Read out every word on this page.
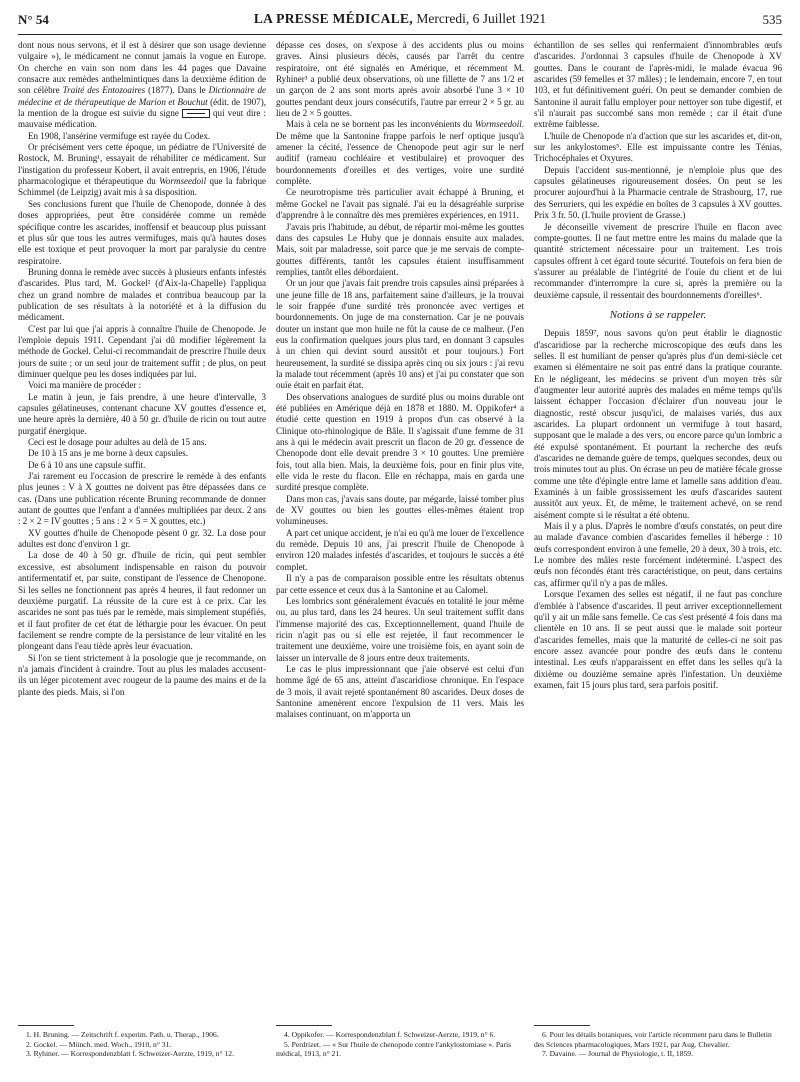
N° 54	LA PRESSE MÉDICALE, Mercredi, 6 Juillet 1921	535

dont nous nous servons, et il est à désirer que son usage devienne vulgaire »), le médicament ne connut jamais la vogue en Europe. On cherche en vain son nom dans les 44 pages que Davaine consacre aux remèdes anthelmintiques dans la deuxième édition de son célèbre Traité des Entozoaires (1877). Dans le Dictionnaire de médecine et de thérapeutique de Marion et Bouchut (édit. de 1907), la mention de la drogue est suivie du signe	qui veut dire : mauvaise médication.

En 1908, l'ansérine vermifuge est rayée du Codex.

Or précisément vers cette époque, un pédiatre de l'Université de Rostock, M. Bruning¹, essayait de réhabiliter ce médicament. Sur l'instigation du professeur Kobert, il avait entrepris, en 1906, l'étude pharmacologique et thérapeutique du Wormseedoil que la fabrique Schimmel (de Leipzig) avait mis à sa disposition.

Ses conclusions furent que l'huile de Chenopode, donnée à des doses appropriées, peut être considérée comme un remède spécifique contre les ascarides, inoffensif et beaucoup plus puissant et plus sûr que tous les autres vermifuges, mais qu'à hautes doses elle est toxique et peut provoquer la mort par paralysie du centre respiratoire.

Bruning donna le remède avec succès à plusieurs enfants infestés d'ascarides. Plus tard, M. Gockel² (d'Aix-la-Chapelle) l'appliqua chez un grand nombre de malades et contribua beaucoup par la publication de ses résultats à la notoriété et à la diffusion du médicament.

C'est par lui que j'ai appris à connaître l'huile de Chenopode. Je l'emploie depuis 1911. Cependant j'ai dû modifier légèrement la méthode de Gockel. Celui-ci recommandait de prescrire l'huile deux jours de suite ; or un seul jour de traitement suffit ; de plus, on peut diminuer quelque peu les doses indiquées par lui.

Voici ma manière de procéder :

Le matin à jeun, je fais prendre, à une heure d'intervalle, 3 capsules gélatineuses, contenant chacune XV gouttes d'essence et, une heure après la dernière, 40 à 50 gr. d'huile de ricin ou tout autre purgatif énergique.

Ceci est le dosage pour adultes au delà de 15 ans.

De 10 à 15 ans je me borne à deux capsules.

De 6 à 10 ans une capsule suffit.

J'ai rarement eu l'occasion de prescrire le remède à des enfants plus jeunes : V à X gouttes ne doivent pas être dépassées dans ce cas. (Dans une publication récente Bruning recommande de donner autant de gouttes que l'enfant a d'années multipliées par deux. 2 ans : 2 × 2 = IV gouttes ; 5 ans : 2 × 5 = X gouttes, etc.)

XV gouttes d'huile de Chenopode pèsent 0 gr. 32. La dose pour adultes est donc d'environ 1 gr.

La dose de 40 à 50 gr. d'huile de ricin, qui peut sembler excessive, est absolument indispensable en raison du pouvoir antifermentatif et, par suite, constipant de l'essence de Chenopone. Si les selles ne fonctionnent pas après 4 heures, il faut redonner un deuxième purgatif. La réussite de la cure est à ce prix. Car les ascarides ne sont pas tués par le remède, mais simplement stupéfiés, et il faut profiter de cet état de léthargie pour les évacuer. On peut facilement se rendre compte de la persistance de leur vitalité en les plongeant dans l'eau tiède après leur évacuation.

Si l'on se tient strictement à la posologie que je recommande, on n'a jamais d'incident à craindre. Tout au plus les malades accusent-ils un léger picotement avec rougeur de la paume des mains et de la plante des pieds. Mais, si l'on

dépasse ces doses, on s'expose à des accidents plus ou moins graves. Ainsi plusieurs décès, causés par l'arrêt du centre respiratoire, ont été signalés en Amérique, et récemment M. Ryhiner³ a publié deux observations, où une fillette de 7 ans 1/2 et un garçon de 2 ans sont morts après avoir absorbé l'une 3 × 10 gouttes pendant deux jours consécutifs, l'autre par erreur 2 × 5 gr. au lieu de 2 × 5 gouttes.

Mais à cela ne se bornent pas les inconvénients du Wormseedoil. De même que la Santonine frappe parfois le nerf optique jusqu'à amener la cécité, l'essence de Chenopode peut agir sur le nerf auditif (rameau cochléaire et vestibulaire) et provoquer des bourdonnements d'oreilles et des vertiges, voire une surdité complète.

Ce neurotropisme très particulier avait échappé à Bruning, et même Gockel ne l'avait pas signalé. J'ai eu la désagréable surprise d'apprendre à le connaître dès mes premières expériences, en 1911.

J'avais pris l'habitude, au début, de répartir moi-même les gouttes dans des capsules Le Huby que je donnais ensuite aux malades. Mais, soit par maladresse, soit parce que je me servais de compte-gouttes différents, tantôt les capsules étaient insuffisamment remplies, tantôt elles débordaient.

Or un jour que j'avais fait prendre trois capsules ainsi préparées à une jeune fille de 18 ans, parfaitement saine d'ailleurs, je la trouvai le soir frappée d'une surdité très prononcée avec vertiges et bourdonnements. On juge de ma consternation. Car je ne pouvais douter un instant que mon huile ne fût la cause de ce malheur. (J'en eus la confirmation quelques jours plus tard, en donnant 3 capsules à un chien qui devint sourd aussitôt et pour toujours.) Fort heureusement, la surdité se dissipa après cinq ou six jours : j'ai revu la malade tout récemment (après 10 ans) et j'ai pu constater que son ouïe était en parfait état.

Des observations analogues de surdité plus ou moins durable ont été publiées en Amérique déjà en 1878 et 1880. M. Oppikofer⁴ a étudié cette question en 1919 à propos d'un cas observé à la Clinique oto-rhinologique de Bâle. Il s'agissait d'une femme de 31 ans à qui le médecin avait prescrit un flacon de 20 gr. d'essence de Chenopode dont elle devait prendre 3 × 10 gouttes. Une première fois, tout alla bien. Mais, la deuxième fois, pour en finir plus vite, elle vida le reste du flacon. Elle en réchappa, mais en garda une surdité presque complète.

Dans mon cas, j'avais sans doute, par mégarde, laissé tomber plus de XV gouttes ou bien les gouttes elles-mêmes étaient trop volumineuses.

A part cet unique accident, je n'ai eu qu'à me louer de l'excellence du remède. Depuis 10 ans, j'ai prescrit l'huile de Chenopode à environ 120 malades infestés d'ascarides, et toujours le succès a été complet.

Il n'y a pas de comparaison possible entre les résultats obtenus par cette essence et ceux dus à la Santonine et au Calomel.

Les lombrics sont généralement évacués en totalité le jour même ou, au plus tard, dans les 24 heures. Un seul traitement suffit dans l'immense majorité des cas. Exceptionnellement, quand l'huile de ricin n'agit pas ou si elle est rejetée, il faut recommencer le traitement une deuxième, voire une troisième fois, en ayant soin de laisser un intervalle de 8 jours entre deux traitements.

Le cas le plus impressionnant que j'aie observé est celui d'un homme âgé de 65 ans, atteint d'ascaridiose chronique. En l'espace de 3 mois, il avait rejeté spontanément 80 ascarides. Deux doses de Santonine amenèrent encore l'expulsion de 11 vers. Mais les malaises continuant, on m'apporta un

échantillon de ses selles qui renfermaient d'innombrables œufs d'ascarides. J'ordonnai 3 capsules d'huile de Chenopode à XV gouttes. Dans le courant de l'après-midi, le malade évacua 96 ascarides (59 femelles et 37 mâles) ; le lendemain, encore 7, en tout 103, et fut définitivement guéri. On peut se demander combien de Santonine il aurait fallu employer pour nettoyer son tube digestif, et s'il n'aurait pas succombé sans mon remède ; car il était d'une extrême faiblesse.

L'huile de Chenopode n'a d'action que sur les ascarides et, dit-on, sur les ankylostomes⁵. Elle est impuissante contre les Ténias, Trichocéphales et Oxyures.

Depuis l'accident sus-mentionné, je n'emploie plus que des capsules gélatineuses rigoureusement dosées. On peut se les procurer aujourd'hui à la Pharmacie centrale de Strasbourg, 17, rue des Serruriers, qui les expédie en boîtes de 3 capsules à XV gouttes. Prix 3 fr. 50. (L'huile provient de Grasse.)

Je déconseille vivement de prescrire l'huile en flacon avec compte-gouttes. Il ne faut mettre entre les mains du malade que la quantité strictement nécessaire pour un traitement. Les trois capsules offrent à cet égard toute sécurité. Toutefois on fera bien de s'assurer au préalable de l'intégrité de l'ouïe du client et de lui recommander d'interrompre la cure si, après la première ou la deuxième capsule, il ressentait des bourdonnements d'oreilles⁶.

Notions à se rappeler.

Depuis 1859⁷, nous savons qu'on peut établir le diagnostic d'ascaridiose par la recherche microscopique des œufs dans les selles. Il est humiliant de penser qu'après plus d'un demi-siècle cet examen si élémentaire ne soit pas entré dans la pratique courante. En le négligeant, les médecins se privent d'un moyen très sûr d'augmenter leur autorité auprès des malades en même temps qu'ils laissent échapper l'occasion d'éclairer d'un nouveau jour le diagnostic, resté obscur jusqu'ici, de malaises variés, dus aux ascarides. La plupart ordonnent un vermifuge à tout hasard, supposant que le malade a des vers, ou encore parce qu'un lombric a été expulsé spontanément. Et pourtant la recherche des œufs d'ascarides ne demande guère de temps, quelques secondes, deux ou trois minutes tout au plus. On écrase un peu de matière fécale grosse comme une tête d'épingle entre lame et lamelle sans addition d'eau. Examinés à un faible grossissement les œufs d'ascarides sautent aussitôt aux yeux. Et, de même, le traitement achevé, on se rend aisément compte si le résultat a été obtenu.

Mais il y a plus. D'après le nombre d'œufs constatés, on peut dire au malade d'avance combien d'ascarides femelles il héberge : 10 œufs correspondent environ à une femelle, 20 à deux, 30 à trois, etc. Le nombre des mâles reste forcément indéterminé. L'aspect des œufs non fécondés étant très caractéristique, on peut, dans certains cas, affirmer qu'il n'y a pas de mâles.

Lorsque l'examen des selles est négatif, il ne faut pas conclure d'emblée à l'absence d'ascarides. Il peut arriver exceptionnellement qu'il y ait un mâle sans femelle. Ce cas s'est présenté 4 fois dans ma clientèle en 10 ans. Il se peut aussi que le malade soit porteur d'ascarides femelles, mais que la maturité de celles-ci ne soit pas encore assez avancée pour pondre des œufs dans le contenu intestinal. Les œufs n'apparaissent en effet dans les selles qu'à la dixième ou douzième semaine après l'infestation. Un deuxième examen, fait 15 jours plus tard, sera parfois positif.

1. H. Bruning. — Zeitschrift f. experim. Path. u. Therap., 1906.
2. Gockel. — Münch. med. Woch., 1910, n° 31.
3. Ryhiner. — Korrespondenzblatt f. Schweizer-Aerzte, 1919, n° 12.
4. Oppikofer. — Korrespondenzblatt f. Schweizer-Aerzte, 1919, n° 6.
5. Perdrizet. — « Sur l'huile de chenopode contre l'ankylostomiase ». Paris médical, 1913, n° 21.
6. Pour les détails botaniques, voir l'article récemment paru dans le Bulletin des Sciences pharmacologiques, Mars 1921, par Aug. Chevalier.
7. Davaine. — Journal de Physiologie, t. II, 1859.
